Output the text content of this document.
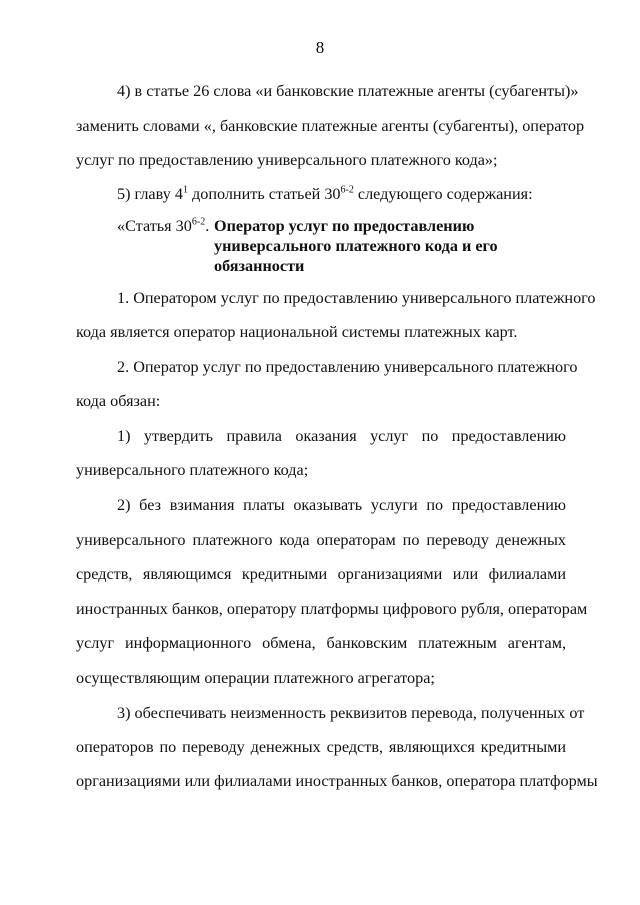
8
4) в статье 26 слова «и банковские платежные агенты (субагенты)»
заменить словами «, банковские платежные агенты (субагенты), оператор
услуг по предоставлению универсального платежного кода»;
5) главу $4^1$ дополнить статьей 30$^{6-2}$ следующего содержания:
«Статья 30$^{6-2}$. Оператор услуг по предоставлению универсального платежного кода и его обязанности
1. Оператором услуг по предоставлению универсального платежного
кода является оператор национальной системы платежных карт.
2. Оператор услуг по предоставлению универсального платежного
кода обязан:
1) утвердить правила оказания услуг по предоставлению
универсального платежного кода;
2) без взимания платы оказывать услуги по предоставлению
универсального платежного кода операторам по переводу денежных
средств, являющимся кредитными организациями или филиалами
иностранных банков, оператору платформы цифрового рубля, операторам
услуг информационного обмена, банковским платежным агентам,
осуществляющим операции платежного агрегатора;
3) обеспечивать неизменность реквизитов перевода, полученных от
операторов по переводу денежных средств, являющихся кредитными
организациями или филиалами иностранных банков, оператора платформы
